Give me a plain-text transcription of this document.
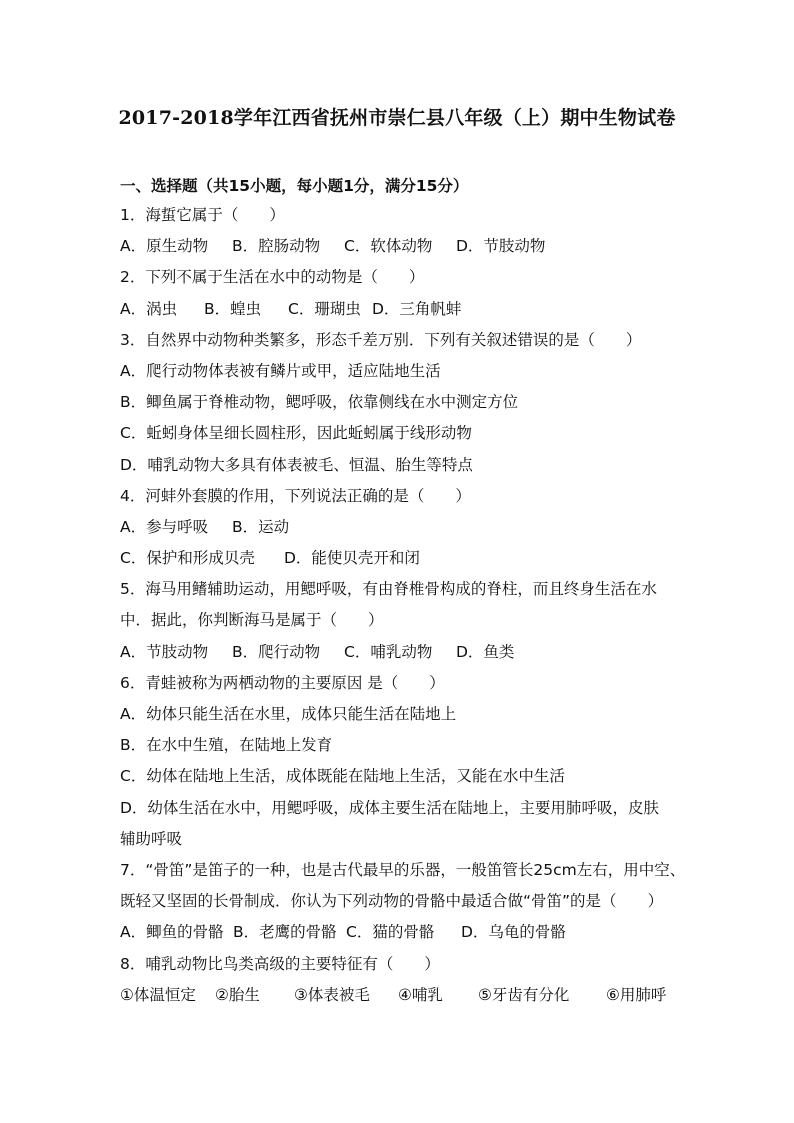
2017-2018学年江西省抚州市崇仁县八年级（上）期中生物试卷
一、选择题（共15小题，每小题1分，满分15分）
1．海蜇它属于（　　）
A．原生动物 B．腔肠动物 C．软体动物 D．节肢动物
2．下列不属于生活在水中的动物是（　　）
A．涡虫 B．蝗虫 C．珊瑚虫 D．三角帆蚌
3．自然界中动物种类繁多，形态千差万别．下列有关叙述错误的是（　　）
A．爬行动物体表被有鳞片或甲，适应陆地生活
B．鲫鱼属于脊椎动物，鳃呼吸，依靠侧线在水中测定方位
C．蚯蚓身体呈细长圆柱形，因此蚯蚓属于线形动物
D．哺乳动物大多具有体表被毛、恒温、胎生等特点
4．河蚌外套膜的作用，下列说法正确的是（　　）
A．参与呼吸 B．运动
C．保护和形成贝壳 D．能使贝壳开和闭
5．海马用鳍辅助运动，用鳃呼吸，有由脊椎骨构成的脊柱，而且终身生活在水
中．据此，你判断海马是属于（　　）
A．节肢动物 B．爬行动物 C．哺乳动物 D．鱼类
6．青蛙被称为两栖动物的主要原因 是（　　）
A．幼体只能生活在水里，成体只能生活在陆地上
B．在水中生殖，在陆地上发育
C．幼体在陆地上生活，成体既能在陆地上生活，又能在水中生活
D．幼体生活在水中，用鳃呼吸，成体主要生活在陆地上，主要用肺呼吸，皮肤
辅助呼吸
7．“骨笛”是笛子的一种，也是古代最早的乐器，一般笛管长25cm左右，用中空、
既轻又坚固的长骨制成．你认为下列动物的骨骼中最适合做“骨笛”的是（　　）
A．鲫鱼的骨骼 B．老鹰的骨骼 C．猫的骨骼 D．乌龟的骨骼
8．哺乳动物比鸟类高级的主要特征有（　　）
①体温恒定 ②胎生 ③体表被毛 ④哺乳 ⑤牙齿有分化 ⑥用肺呼
